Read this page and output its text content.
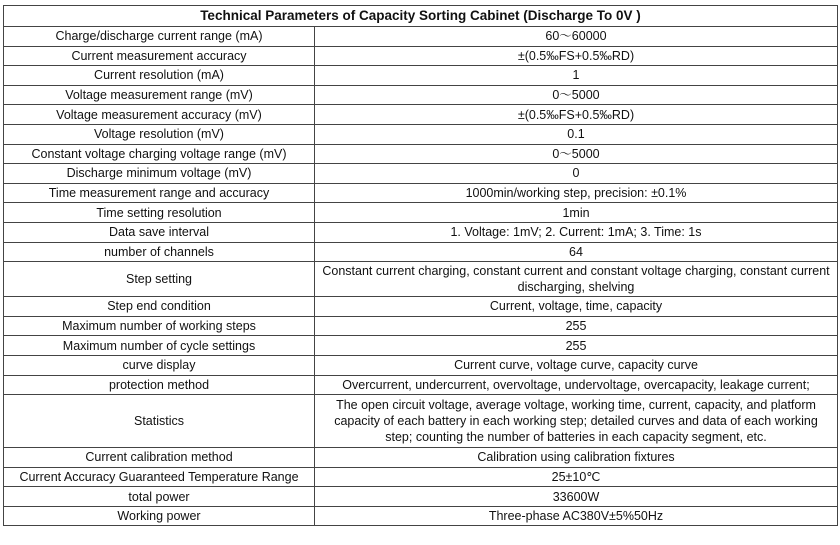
Technical Parameters of Capacity Sorting Cabinet (Discharge To 0V )	
Charge/discharge current range (mA)	60～60000
Current measurement accuracy	±(0.5‰FS+0.5‰RD)
Current resolution (mA)	1
Voltage measurement range (mV)	0～5000
Voltage measurement accuracy (mV)	±(0.5‰FS+0.5‰RD)
Voltage resolution (mV)	0.1
Constant voltage charging voltage range (mV)	0～5000
Discharge minimum voltage (mV)	0
Time measurement range and accuracy	1000min/working step, precision: ±0.1%
Time setting resolution	1min
Data save interval	1. Voltage: 1mV; 2. Current: 1mA; 3. Time: 1s
number of channels	64
Step setting	Constant current charging, constant current and constant voltage charging, constant current discharging, shelving
Step end condition	Current, voltage, time, capacity
Maximum number of working steps	255
Maximum number of cycle settings	255
curve display	Current curve, voltage curve, capacity curve
protection method	Overcurrent, undercurrent, overvoltage, undervoltage, overcapacity, leakage current;
Statistics	The open circuit voltage, average voltage, working time, current, capacity, and platform capacity of each battery in each working step; detailed curves and data of each working step; counting the number of batteries in each capacity segment, etc.
Current calibration method	Calibration using calibration fixtures
Current Accuracy Guaranteed Temperature Range	25±10℃
total power	33600W
Working power	Three-phase AC380V±5%50Hz
